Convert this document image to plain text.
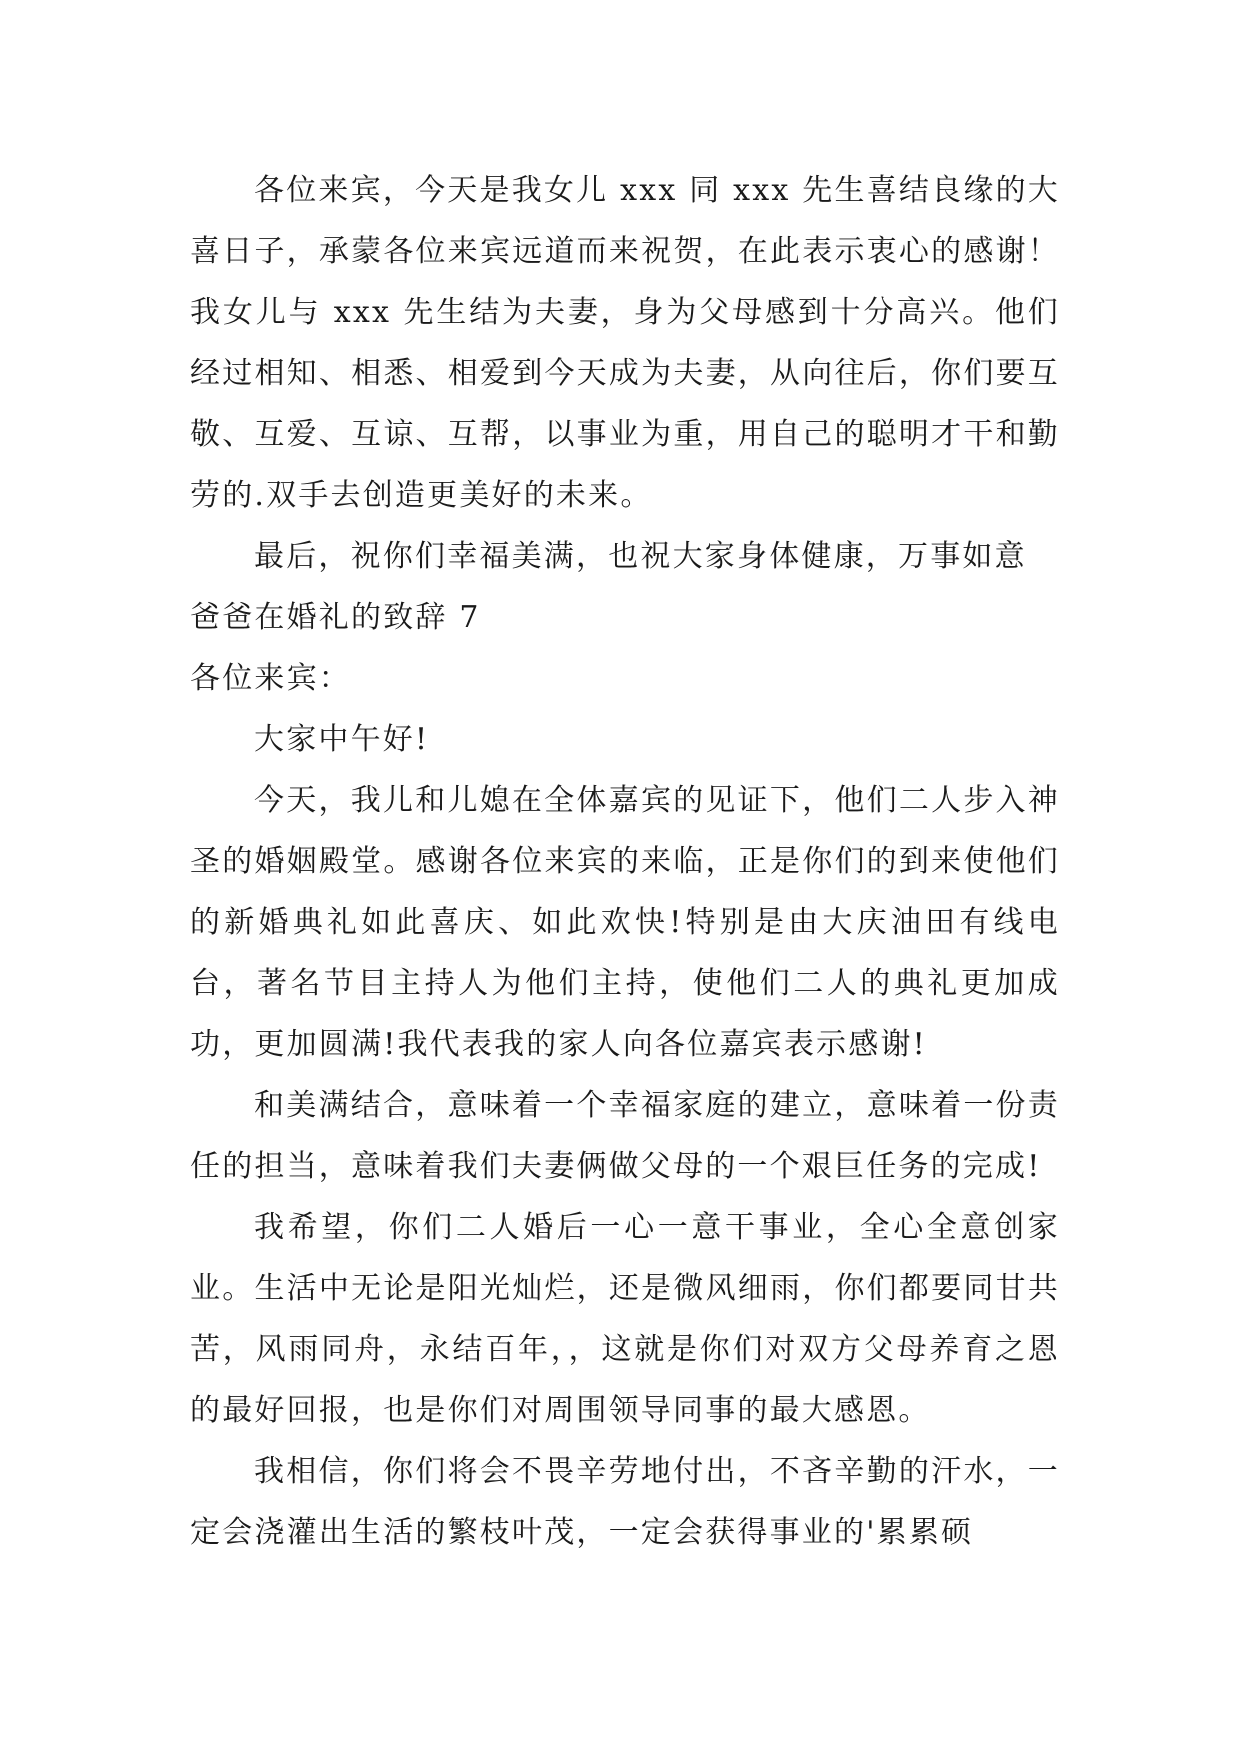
各位来宾，今天是我女儿 xxx 同 xxx 先生喜结良缘的大喜日子，承蒙各位来宾远道而来祝贺，在此表示衷心的感谢！我女儿与 xxx 先生结为夫妻，身为父母感到十分高兴。他们经过相知、相悉、相爱到今天成为夫妻，从向往后，你们要互敬、互爱、互谅、互帮，以事业为重，用自己的聪明才干和勤劳的.双手去创造更美好的未来。

最后，祝你们幸福美满，也祝大家身体健康，万事如意

爸爸在婚礼的致辞 7

各位来宾：

大家中午好!

今天，我儿和儿媳在全体嘉宾的见证下，他们二人步入神圣的婚姻殿堂。感谢各位来宾的来临，正是你们的到来使他们的新婚典礼如此喜庆、如此欢快!特别是由大庆油田有线电台，著名节目主持人为他们主持，使他们二人的典礼更加成功，更加圆满!我代表我的家人向各位嘉宾表示感谢!

和美满结合，意味着一个幸福家庭的建立，意味着一份责任的担当，意味着我们夫妻俩做父母的一个艰巨任务的完成!

我希望，你们二人婚后一心一意干事业，全心全意创家业。生活中无论是阳光灿烂，还是微风细雨，你们都要同甘共苦，风雨同舟，永结百年，，这就是你们对双方父母养育之恩的最好回报，也是你们对周围领导同事的最大感恩。

我相信，你们将会不畏辛劳地付出，不吝辛勤的汗水，一定会浇灌出生活的繁枝叶茂，一定会获得事业的'累累硕
